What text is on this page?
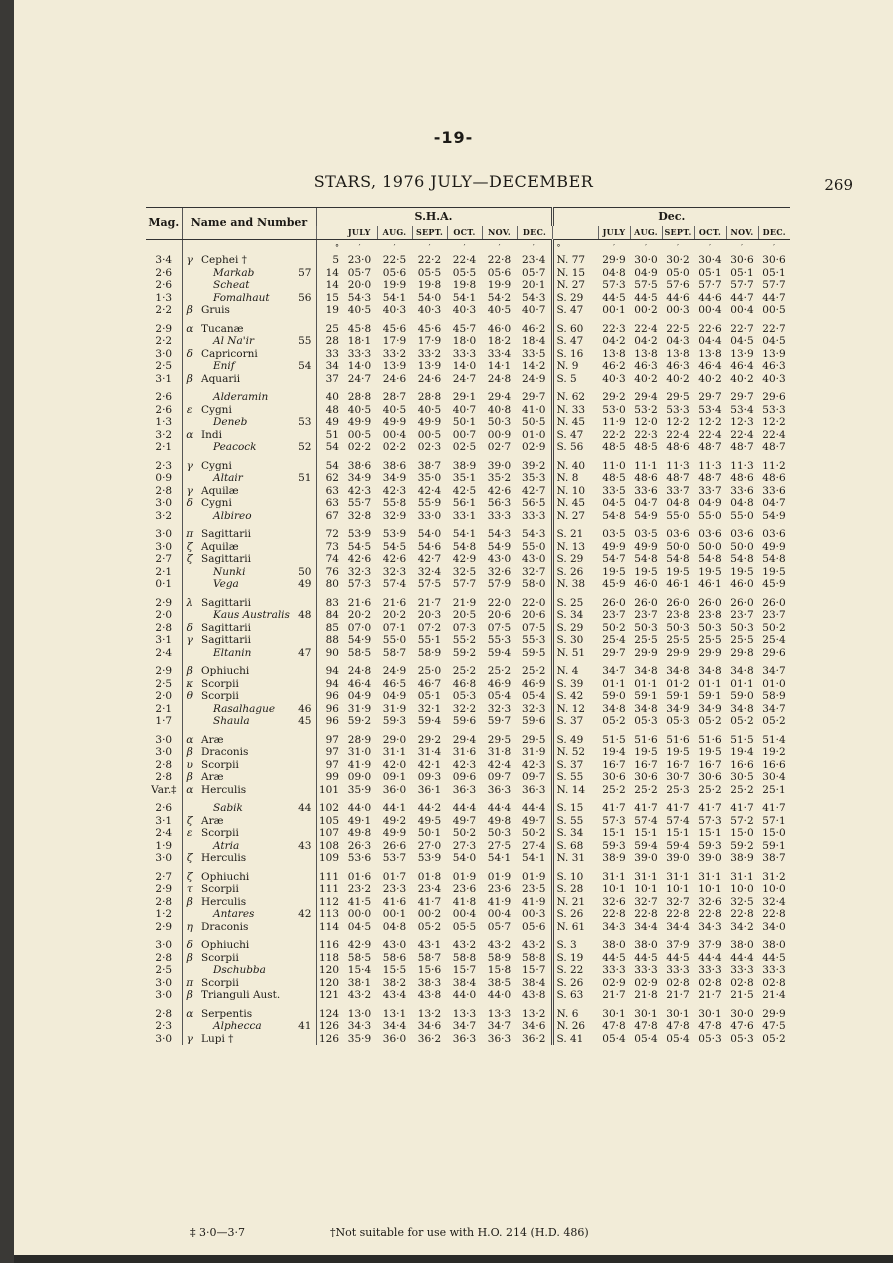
-19-
STARS, 1976 JULY—DECEMBER	269
Mag.	Name and Number			S.H.A.							Dec.						
					JULY	AUG.	SEPT.	OCT.	NOV.	DEC.		JULY	AUG.	SEPT.	OCT.	NOV.	DEC.
				°	′	′	′	′	′	′	°	′	′	′	′	′	′
3·4	γ	Cephei †		5	23·0	22·5	22·2	22·4	22·8	23·4	N. 77	29·9	30·0	30·2	30·4	30·6	30·6
2·6		Markab	57	14	05·7	05·6	05·5	05·5	05·6	05·7	N. 15	04·8	04·9	05·0	05·1	05·1	05·1
2·6		Scheat		14	20·0	19·9	19·8	19·8	19·9	20·1	N. 27	57·3	57·5	57·6	57·7	57·7	57·7
1·3		Fomalhaut	56	15	54·3	54·1	54·0	54·1	54·2	54·3	S. 29	44·5	44·5	44·6	44·6	44·7	44·7
2·2	β	Gruis		19	40·5	40·3	40·3	40·3	40·5	40·7	S. 47	00·1	00·2	00·3	00·4	00·4	00·5

2·9	α	Tucanæ		25	45·8	45·6	45·6	45·7	46·0	46·2	S. 60	22·3	22·4	22·5	22·6	22·7	22·7
2·2		Al Na'ir	55	28	18·1	17·9	17·9	18·0	18·2	18·4	S. 47	04·2	04·2	04·3	04·4	04·5	04·5
3·0	δ	Capricorni		33	33·3	33·2	33·2	33·3	33·4	33·5	S. 16	13·8	13·8	13·8	13·8	13·9	13·9
2·5		Enif	54	34	14·0	13·9	13·9	14·0	14·1	14·2	N. 9	46·2	46·3	46·3	46·4	46·4	46·3
3·1	β	Aquarii		37	24·7	24·6	24·6	24·7	24·8	24·9	S. 5	40·3	40·2	40·2	40·2	40·2	40·3

2·6		Alderamin		40	28·8	28·7	28·8	29·1	29·4	29·7	N. 62	29·2	29·4	29·5	29·7	29·7	29·6
2·6	ε	Cygni		48	40·5	40·5	40·5	40·7	40·8	41·0	N. 33	53·0	53·2	53·3	53·4	53·4	53·3
1·3		Deneb	53	49	49·9	49·9	49·9	50·1	50·3	50·5	N. 45	11·9	12·0	12·2	12·2	12·3	12·2
3·2	α	Indi		51	00·5	00·4	00·5	00·7	00·9	01·0	S. 47	22·2	22·3	22·4	22·4	22·4	22·4
2·1		Peacock	52	54	02·2	02·2	02·3	02·5	02·7	02·9	S. 56	48·5	48·5	48·6	48·7	48·7	48·7

2·3	γ	Cygni		54	38·6	38·6	38·7	38·9	39·0	39·2	N. 40	11·0	11·1	11·3	11·3	11·3	11·2
0·9		Altair	51	62	34·9	34·9	35·0	35·1	35·2	35·3	N. 8	48·5	48·6	48·7	48·7	48·6	48·6
2·8	γ	Aquilæ		63	42·3	42·3	42·4	42·5	42·6	42·7	N. 10	33·5	33·6	33·7	33·7	33·6	33·6
3·0	δ	Cygni		63	55·7	55·8	55·9	56·1	56·3	56·5	N. 45	04·5	04·7	04·8	04·9	04·8	04·7
3·2		Albireo		67	32·8	32·9	33·0	33·1	33·3	33·3	N. 27	54·8	54·9	55·0	55·0	55·0	54·9

3·0	π	Sagittarii		72	53·9	53·9	54·0	54·1	54·3	54·3	S. 21	03·5	03·5	03·6	03·6	03·6	03·6
3·0	ζ	Aquilæ		73	54·5	54·5	54·6	54·8	54·9	55·0	N. 13	49·9	49·9	50·0	50·0	50·0	49·9
2·7	ζ	Sagittarii		74	42·6	42·6	42·7	42·9	43·0	43·0	S. 29	54·7	54·8	54·8	54·8	54·8	54·8
2·1		Nunki	50	76	32·3	32·3	32·4	32·5	32·6	32·7	S. 26	19·5	19·5	19·5	19·5	19·5	19·5
0·1		Vega	49	80	57·3	57·4	57·5	57·7	57·9	58·0	N. 38	45·9	46·0	46·1	46·1	46·0	45·9

2·9	λ	Sagittarii		83	21·6	21·6	21·7	21·9	22·0	22·0	S. 25	26·0	26·0	26·0	26·0	26·0	26·0
2·0		Kaus Australis	48	84	20·2	20·2	20·3	20·5	20·6	20·6	S. 34	23·7	23·7	23·8	23·8	23·7	23·7
2·8	δ	Sagittarii		85	07·0	07·1	07·2	07·3	07·5	07·5	S. 29	50·2	50·3	50·3	50·3	50·3	50·2
3·1	γ	Sagittarii		88	54·9	55·0	55·1	55·2	55·3	55·3	S. 30	25·4	25·5	25·5	25·5	25·5	25·4
2·4		Eltanin	47	90	58·5	58·7	58·9	59·2	59·4	59·5	N. 51	29·7	29·9	29·9	29·9	29·8	29·6

2·9	β	Ophiuchi		94	24·8	24·9	25·0	25·2	25·2	25·2	N. 4	34·7	34·8	34·8	34·8	34·8	34·7
2·5	κ	Scorpii		94	46·4	46·5	46·7	46·8	46·9	46·9	S. 39	01·1	01·1	01·2	01·1	01·1	01·0
2·0	θ	Scorpii		96	04·9	04·9	05·1	05·3	05·4	05·4	S. 42	59·0	59·1	59·1	59·1	59·0	58·9
2·1		Rasalhague	46	96	31·9	31·9	32·1	32·2	32·3	32·3	N. 12	34·8	34·8	34·9	34·9	34·8	34·7
1·7		Shaula	45	96	59·2	59·3	59·4	59·6	59·7	59·6	S. 37	05·2	05·3	05·3	05·2	05·2	05·2

3·0	α	Aræ		97	28·9	29·0	29·2	29·4	29·5	29·5	S. 49	51·5	51·6	51·6	51·6	51·5	51·4
3·0	β	Draconis		97	31·0	31·1	31·4	31·6	31·8	31·9	N. 52	19·4	19·5	19·5	19·5	19·4	19·2
2·8	υ	Scorpii		97	41·9	42·0	42·1	42·3	42·4	42·3	S. 37	16·7	16·7	16·7	16·7	16·6	16·6
2·8	β	Aræ		99	09·0	09·1	09·3	09·6	09·7	09·7	S. 55	30·6	30·6	30·7	30·6	30·5	30·4
Var.‡	α	Herculis		101	35·9	36·0	36·1	36·3	36·3	36·3	N. 14	25·2	25·2	25·3	25·2	25·2	25·1

2·6		Sabik	44	102	44·0	44·1	44·2	44·4	44·4	44·4	S. 15	41·7	41·7	41·7	41·7	41·7	41·7
3·1	ζ	Aræ		105	49·1	49·2	49·5	49·7	49·8	49·7	S. 55	57·3	57·4	57·4	57·3	57·2	57·1
2·4	ε	Scorpii		107	49·8	49·9	50·1	50·2	50·3	50·2	S. 34	15·1	15·1	15·1	15·1	15·0	15·0
1·9		Atria	43	108	26·3	26·6	27·0	27·3	27·5	27·4	S. 68	59·3	59·4	59·4	59·3	59·2	59·1
3·0	ζ	Herculis		109	53·6	53·7	53·9	54·0	54·1	54·1	N. 31	38·9	39·0	39·0	39·0	38·9	38·7

2·7	ζ	Ophiuchi		111	01·6	01·7	01·8	01·9	01·9	01·9	S. 10	31·1	31·1	31·1	31·1	31·1	31·2
2·9	τ	Scorpii		111	23·2	23·3	23·4	23·6	23·6	23·5	S. 28	10·1	10·1	10·1	10·1	10·0	10·0
2·8	β	Herculis		112	41·5	41·6	41·7	41·8	41·9	41·9	N. 21	32·6	32·7	32·7	32·6	32·5	32·4
1·2		Antares	42	113	00·0	00·1	00·2	00·4	00·4	00·3	S. 26	22·8	22·8	22·8	22·8	22·8	22·8
2·9	η	Draconis		114	04·5	04·8	05·2	05·5	05·7	05·6	N. 61	34·3	34·4	34·4	34·3	34·2	34·0

3·0	δ	Ophiuchi		116	42·9	43·0	43·1	43·2	43·2	43·2	S. 3	38·0	38·0	37·9	37·9	38·0	38·0
2·8	β	Scorpii		118	58·5	58·6	58·7	58·8	58·9	58·8	S. 19	44·5	44·5	44·5	44·4	44·4	44·5
2·5		Dschubba		120	15·4	15·5	15·6	15·7	15·8	15·7	S. 22	33·3	33·3	33·3	33·3	33·3	33·3
3·0	π	Scorpii		120	38·1	38·2	38·3	38·4	38·5	38·4	S. 26	02·9	02·9	02·8	02·8	02·8	02·8
3·0	β	Trianguli Aust.		121	43·2	43·4	43·8	44·0	44·0	43·8	S. 63	21·7	21·8	21·7	21·7	21·5	21·4

2·8	α	Serpentis		124	13·0	13·1	13·2	13·3	13·3	13·2	N. 6	30·1	30·1	30·1	30·1	30·0	29·9
2·3		Alphecca	41	126	34·3	34·4	34·6	34·7	34·7	34·6	N. 26	47·8	47·8	47·8	47·8	47·6	47·5
3·0	γ	Lupi †		126	35·9	36·0	36·2	36·3	36·3	36·2	S. 41	05·4	05·4	05·4	05·3	05·3	05·2
‡ 3·0—3·7	†Not suitable for use with H.O. 214 (H.D. 486)
